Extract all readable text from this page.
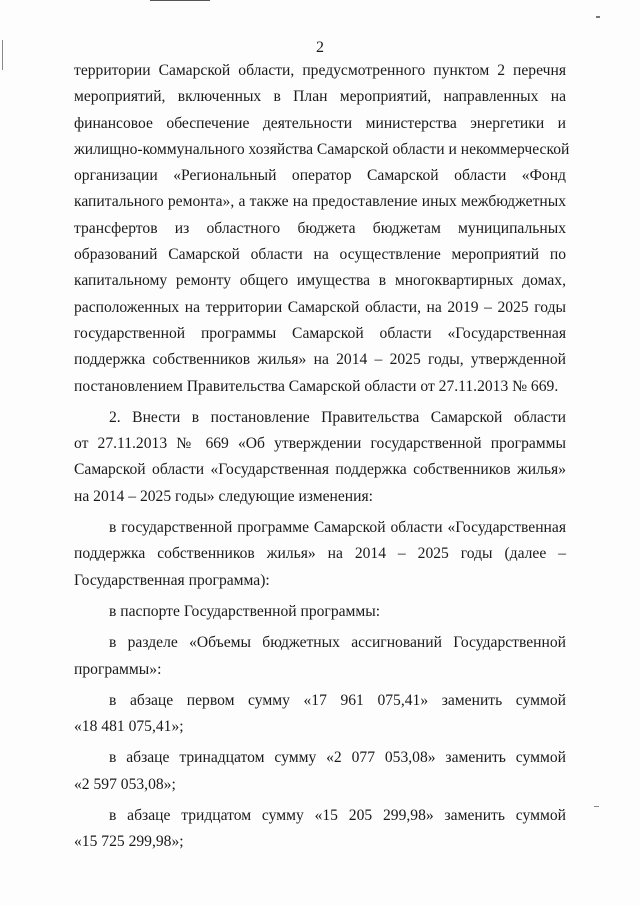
2
территории Самарской области, предусмотренного пунктом 2 перечня
мероприятий, включенных в План мероприятий, направленных на
финансовое обеспечение деятельности министерства энергетики и
жилищно-коммунального хозяйства Самарской области и некоммерческой
организации «Региональный оператор Самарской области «Фонд
капитального ремонта», а также на предоставление иных межбюджетных
трансфертов из областного бюджета бюджетам муниципальных
образований Самарской области на осуществление мероприятий по
капитальному ремонту общего имущества в многоквартирных домах,
расположенных на территории Самарской области, на 2019 – 2025 годы
государственной программы Самарской области «Государственная
поддержка собственников жилья» на 2014 – 2025 годы, утвержденной
постановлением Правительства Самарской области от 27.11.2013 № 669.
2. Внести в постановление Правительства Самарской области
от 27.11.2013 № 669 «Об утверждении государственной программы
Самарской области «Государственная поддержка собственников жилья»
на 2014 – 2025 годы» следующие изменения:
в государственной программе Самарской области «Государственная
поддержка собственников жилья» на 2014 – 2025 годы (далее –
Государственная программа):
в паспорте Государственной программы:
в разделе «Объемы бюджетных ассигнований Государственной
программы»:
в абзаце первом сумму «17 961 075,41» заменить суммой
«18 481 075,41»;
в абзаце тринадцатом сумму «2 077 053,08» заменить суммой
«2 597 053,08»;
в абзаце тридцатом сумму «15 205 299,98» заменить суммой
«15 725 299,98»;
